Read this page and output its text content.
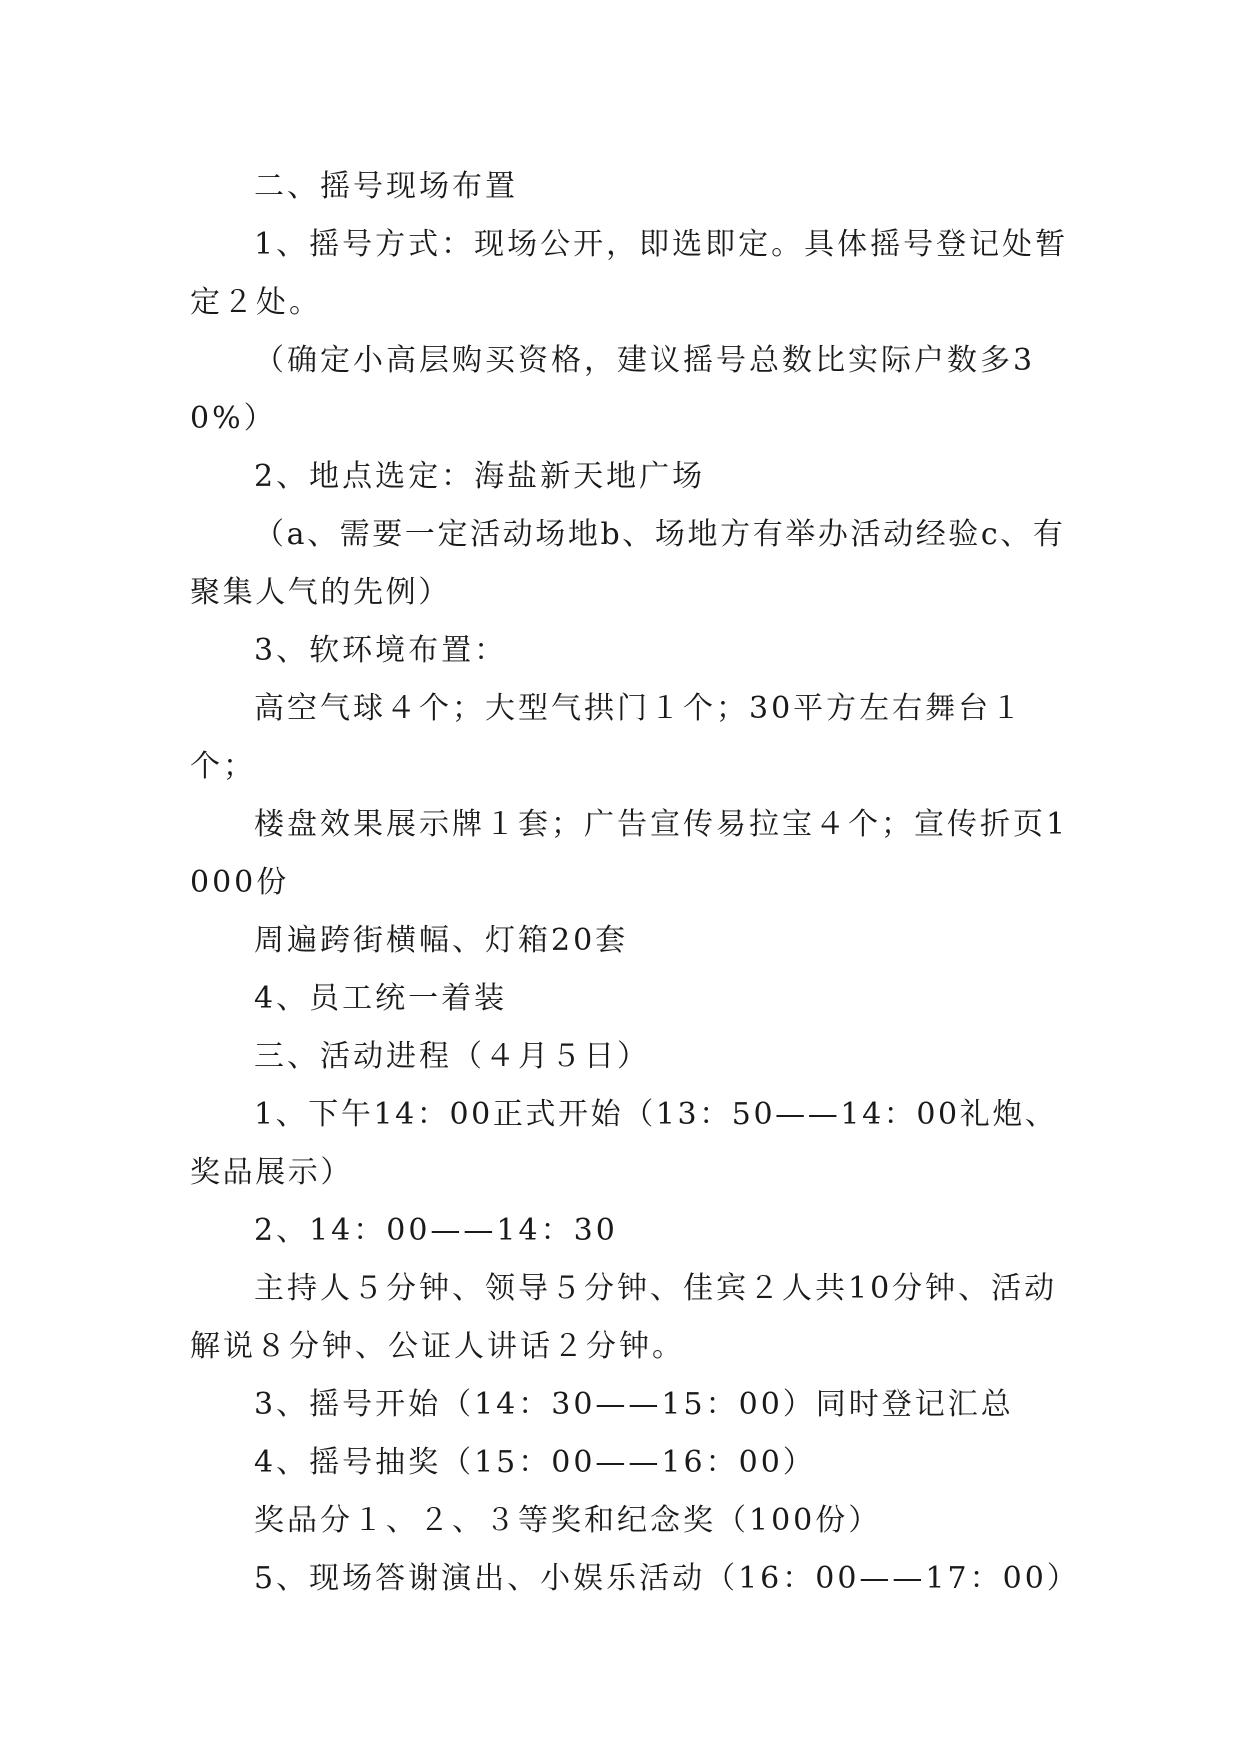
二、摇号现场布置

1、摇号方式：现场公开，即选即定。具体摇号登记处暂定２处。

（确定小高层购买资格，建议摇号总数比实际户数多30%）

2、地点选定：海盐新天地广场

（a、需要一定活动场地b、场地方有举办活动经验c、有聚集人气的先例）

3、软环境布置：

高空气球４个；大型气拱门１个；30平方左右舞台１个；

楼盘效果展示牌１套；广告宣传易拉宝４个；宣传折页1000份

周遍跨街横幅、灯箱20套

4、员工统一着装

三、活动进程（４月５日）

1、下午14：00正式开始（13：50——14：00礼炮、奖品展示）

2、14：00——14：30

主持人５分钟、领导５分钟、佳宾２人共10分钟、活动解说８分钟、公证人讲话２分钟。

3、摇号开始（14：30——15：00）同时登记汇总

4、摇号抽奖（15：00——16：00）

奖品分１、２、３等奖和纪念奖（100份）

5、现场答谢演出、小娱乐活动（16：00——17：00）
